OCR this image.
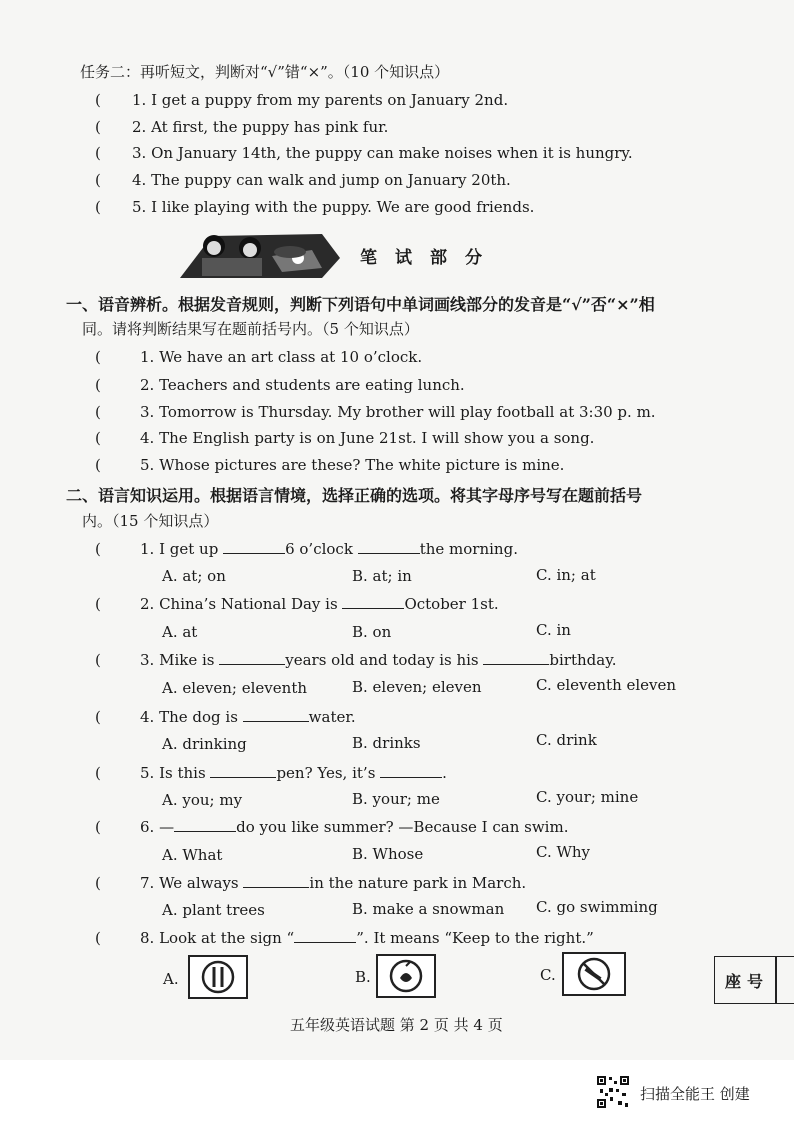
任务二：再听短文，判断对“√”错“×”。（10 个知识点）
( 1. I get a puppy from my parents on January 2nd.
( 2. At first, the puppy has pink fur.
( 3. On January 14th, the puppy can make noises when it is hungry.
( 4. The puppy can walk and jump on January 20th.
( 5. I like playing with the puppy. We are good friends.
笔试部分
一、语音辨析。根据发音规则，判断下列语句中单词画线部分的发音是“√”否“×”相
同。请将判断结果写在题前括号内。（5 个知识点）
(	1. We have an art class at 10 o’clock.
(	2. Teachers and students are eating lunch.
(	3. Tomorrow is Thursday. My brother will play football at 3:30 p. m.
(	4. The English party is on June 21st. I will show you a song.
(	5. Whose pictures are these? The white picture is mine.
二、语言知识运用。根据语言情境，选择正确的选项。将其字母序号写在题前括号
内。（15 个知识点）
(	1. I get up	6 o’clock	the morning.
A. at; on	B. at; in	C. in; at
(	2. China’s National Day is	October 1st.
A. at	B. on	C. in
(	3. Mike is	years old and today is his	birthday.
A. eleven; eleventh	B. eleven; eleven	C. eleventh eleven
(	4. The dog is	water.
A. drinking	B. drinks	C. drink
(	5. Is this	pen? Yes, it’s	.
A. you; my	B. your; me	C. your; mine
(	6. —	do you like summer? —Because I can swim.
A. What	B. Whose	C. Why
(	7. We always	in the nature park in March.
A. plant trees	B. make a snowman C. go swimming
(	8. Look at the sign “	”. It means “Keep to the right.”
A.	B.	C.	座号
五年级英语试题 第 2 页 共 4 页
扫描全能王 创建
